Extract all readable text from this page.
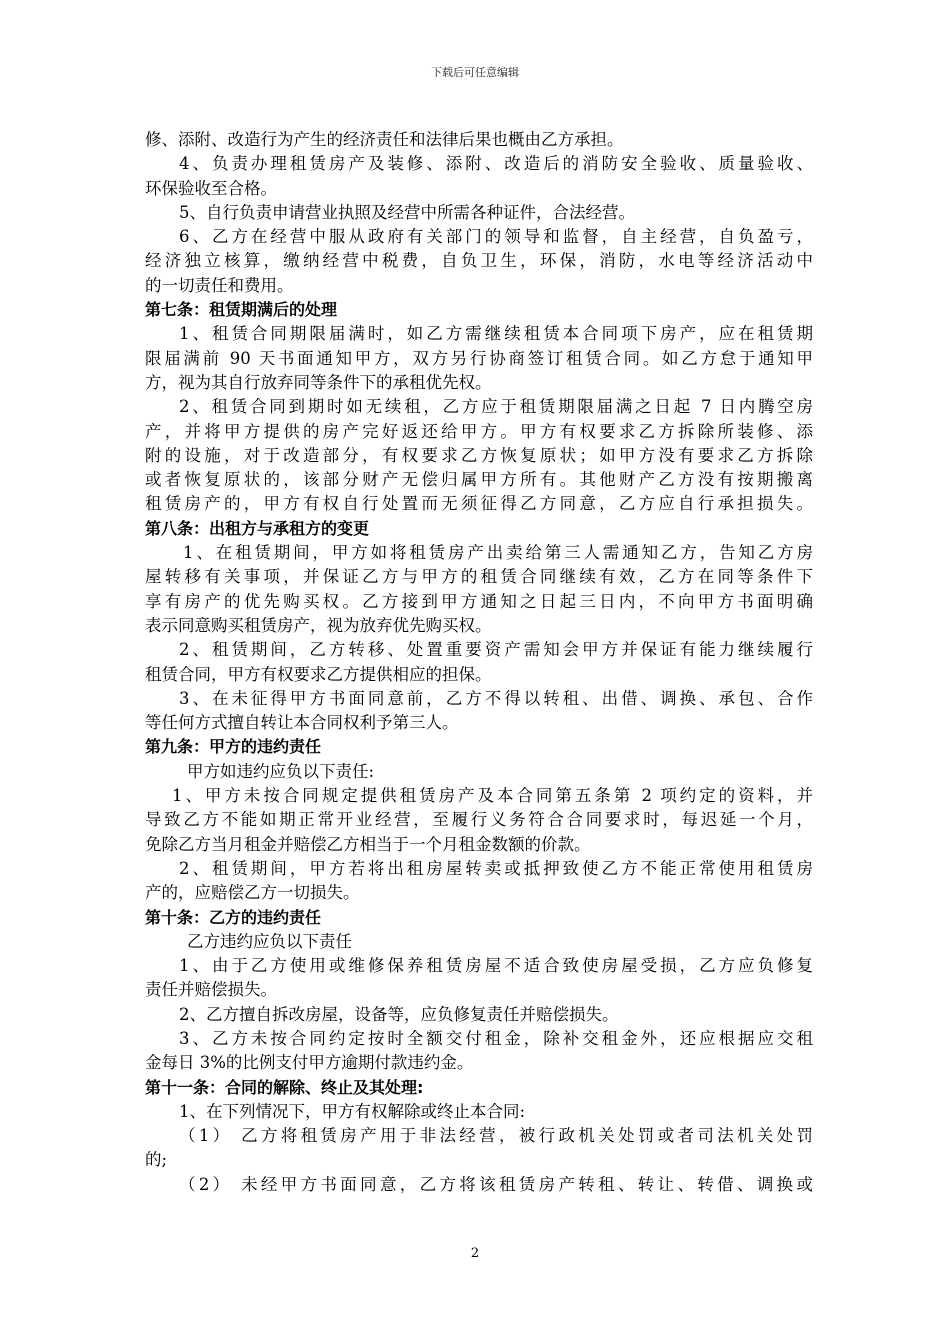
下载后可任意编辑
修、添附、改造行为产生的经济责任和法律后果也概由乙方承担。
4、负责办理租赁房产及装修、添附、改造后的消防安全验收、质量验收、
环保验收至合格。
5、自行负责申请营业执照及经营中所需各种证件，合法经营。
6、乙方在经营中服从政府有关部门的领导和监督，自主经营，自负盈亏，
经济独立核算，缴纳经营中税费，自负卫生，环保，消防，水电等经济活动中
的一切责任和费用。
第七条：租赁期满后的处理
1、租赁合同期限届满时，如乙方需继续租赁本合同项下房产，应在租赁期
限届满前 90 天书面通知甲方，双方另行协商签订租赁合同。如乙方怠于通知甲
方，视为其自行放弃同等条件下的承租优先权。
2、租赁合同到期时如无续租，乙方应于租赁期限届满之日起 7 日内腾空房
产，并将甲方提供的房产完好返还给甲方。甲方有权要求乙方拆除所装修、添
附的设施，对于改造部分，有权要求乙方恢复原状；如甲方没有要求乙方拆除
或者恢复原状的，该部分财产无偿归属甲方所有。其他财产乙方没有按期搬离
租赁房产的，甲方有权自行处置而无须征得乙方同意，乙方应自行承担损失。
第八条：出租方与承租方的变更
1、在租赁期间，甲方如将租赁房产出卖给第三人需通知乙方，告知乙方房
屋转移有关事项，并保证乙方与甲方的租赁合同继续有效，乙方在同等条件下
享有房产的优先购买权。乙方接到甲方通知之日起三日内，不向甲方书面明确
表示同意购买租赁房产，视为放弃优先购买权。
2、租赁期间，乙方转移、处置重要资产需知会甲方并保证有能力继续履行
租赁合同，甲方有权要求乙方提供相应的担保。
3、在未征得甲方书面同意前，乙方不得以转租、出借、调换、承包、合作
等任何方式擅自转让本合同权利予第三人。
第九条：甲方的违约责任
甲方如违约应负以下责任:
1、甲方未按合同规定提供租赁房产及本合同第五条第 2 项约定的资料，并
导致乙方不能如期正常开业经营，至履行义务符合合同要求时，每迟延一个月，
免除乙方当月租金并赔偿乙方相当于一个月租金数额的价款。
2、租赁期间，甲方若将出租房屋转卖或抵押致使乙方不能正常使用租赁房
产的，应赔偿乙方一切损失。
第十条：乙方的违约责任
乙方违约应负以下责任
1、由于乙方使用或维修保养租赁房屋不适合致使房屋受损，乙方应负修复
责任并赔偿损失。
2、乙方擅自拆改房屋，设备等，应负修复责任并赔偿损失。
3、乙方未按合同约定按时全额交付租金，除补交租金外，还应根据应交租
金每日 3%的比例支付甲方逾期付款违约金。
第十一条：合同的解除、终止及其处理:
1、在下列情况下，甲方有权解除或终止本合同:
（1） 乙方将租赁房产用于非法经营，被行政机关处罚或者司法机关处罚
的;
（2） 未经甲方书面同意，乙方将该租赁房产转租、转让、转借、调换或
2
